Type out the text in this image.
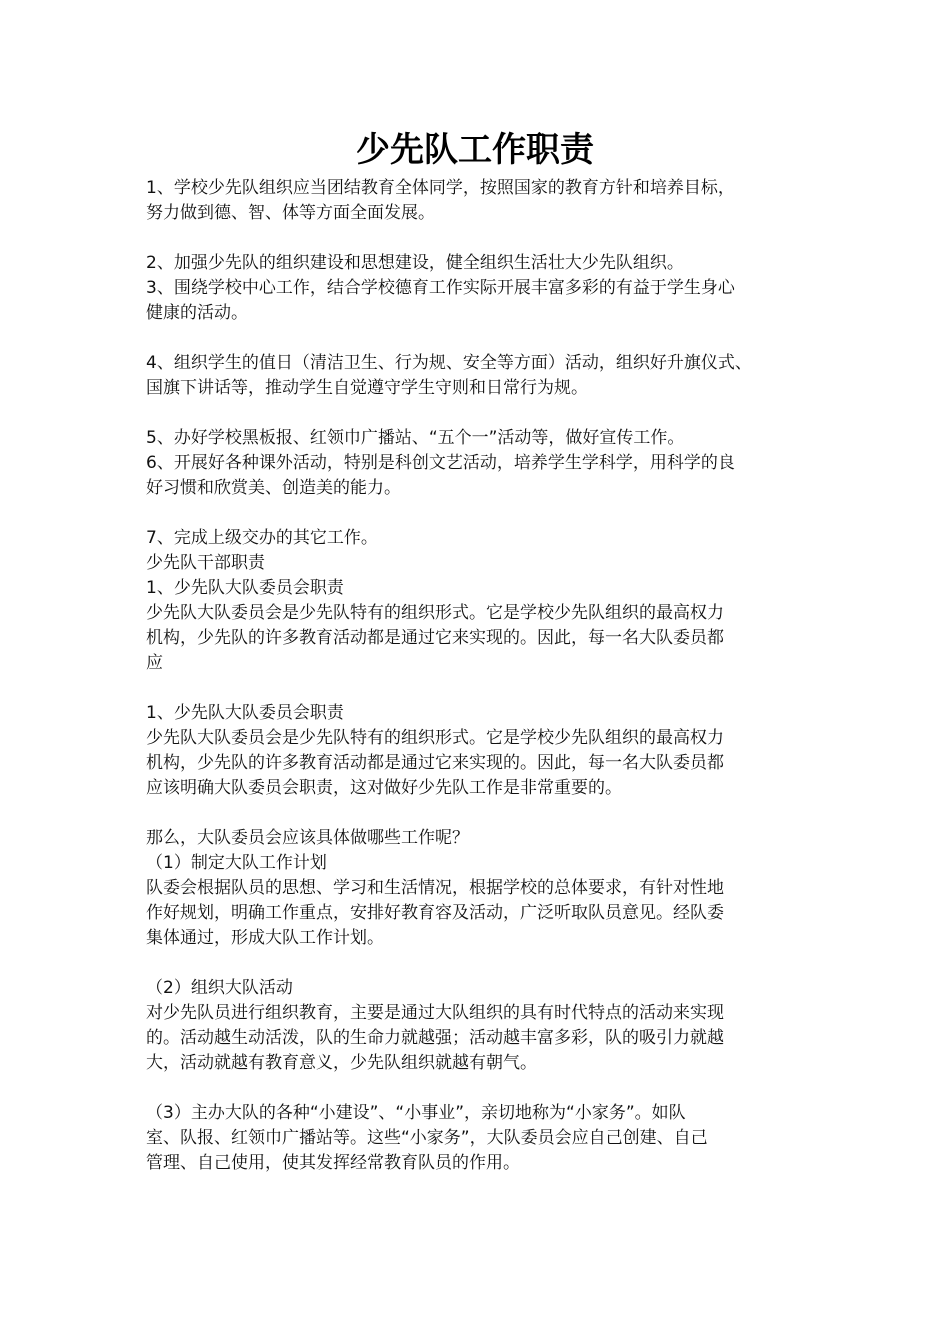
少先队工作职责

1、学校少先队组织应当团结教育全体同学，按照国家的教育方针和培养目标，

努力做到德、智、体等方面全面发展。

2、加强少先队的组织建设和思想建设，健全组织生活壮大少先队组织。

3、围绕学校中心工作，结合学校德育工作实际开展丰富多彩的有益于学生身心

健康的活动。

4、组织学生的值日（清洁卫生、行为规、安全等方面）活动，组织好升旗仪式、

国旗下讲话等，推动学生自觉遵守学生守则和日常行为规。

5、办好学校黑板报、红领巾广播站、“五个一”活动等，做好宣传工作。

6、开展好各种课外活动，特别是科创文艺活动，培养学生学科学，用科学的良

好习惯和欣赏美、创造美的能力。

7、完成上级交办的其它工作。

少先队干部职责

1、少先队大队委员会职责

少先队大队委员会是少先队特有的组织形式。它是学校少先队组织的最高权力

机构，少先队的许多教育活动都是通过它来实现的。因此，每一名大队委员都

应

1、少先队大队委员会职责

少先队大队委员会是少先队特有的组织形式。它是学校少先队组织的最高权力

机构，少先队的许多教育活动都是通过它来实现的。因此，每一名大队委员都

应该明确大队委员会职责，这对做好少先队工作是非常重要的。

那么，大队委员会应该具体做哪些工作呢？

（1）制定大队工作计划

队委会根据队员的思想、学习和生活情况，根据学校的总体要求，有针对性地

作好规划，明确工作重点，安排好教育容及活动，广泛听取队员意见。经队委

集体通过，形成大队工作计划。

（2）组织大队活动

对少先队员进行组织教育，主要是通过大队组织的具有时代特点的活动来实现

的。活动越生动活泼，队的生命力就越强；活动越丰富多彩，队的吸引力就越

大，活动就越有教育意义，少先队组织就越有朝气。

（3）主办大队的各种“小建设”、“小事业”，亲切地称为“小家务”。如队

室、队报、红领巾广播站等。这些“小家务”，大队委员会应自己创建、自己

管理、自己使用，使其发挥经常教育队员的作用。
